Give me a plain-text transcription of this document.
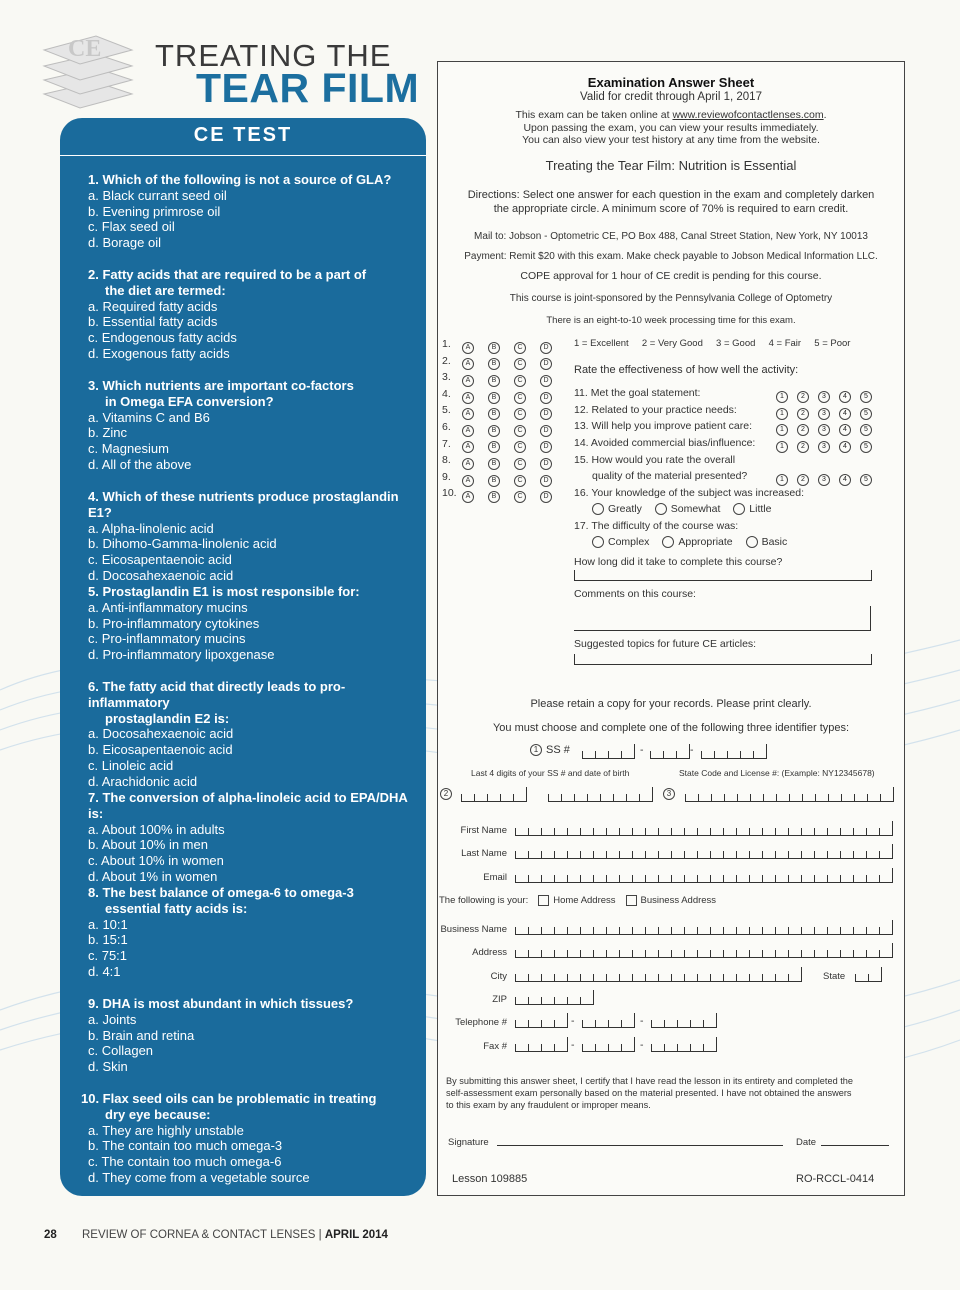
CE TREATING THE
TEAR FILM
CE TEST
1. Which of the following is not a source of GLA?
a. Black currant seed oil
b. Evening primrose oil
c. Flax seed oil
d. Borage oil
2. Fatty acids that are required to be a part of
the diet are termed:
a. Required fatty acids
b. Essential fatty acids
c. Endogenous fatty acids
d. Exogenous fatty acids
3. Which nutrients are important co-factors
in Omega EFA conversion?
a. Vitamins C and B6
b. Zinc
c. Magnesium
d. All of the above
4. Which of these nutrients produce prostaglandin E1?
a. Alpha-linolenic acid
b. Dihomo-Gamma-linolenic acid
c. Eicosapentaenoic acid
d. Docosahexaenoic acid
5. Prostaglandin E1 is most responsible for:
a. Anti-inflammatory mucins
b. Pro-inflammatory cytokines
c. Pro-inflammatory mucins
d. Pro-inflammatory lipoxgenase
6. The fatty acid that directly leads to pro-inflammatory
prostaglandin E2 is:
a. Docosahexaenoic acid
b. Eicosapentaenoic acid
c. Linoleic acid
d. Arachidonic acid
7. The conversion of alpha-linoleic acid to EPA/DHA is:
a. About 100% in adults
b. About 10% in men
c. About 10% in women
d. About 1% in women
8. The best balance of omega-6 to omega-3
essential fatty acids is:
a. 10:1
b. 15:1
c. 75:1
d. 4:1
9. DHA is most abundant in which tissues?
a. Joints
b. Brain and retina
c. Collagen
d. Skin
10. Flax seed oils can be problematic in treating
dry eye because:
a. They are highly unstable
b. The contain too much omega-3
c. The contain too much omega-6
d. They come from a vegetable source
Examination Answer Sheet
Valid for credit through April 1, 2017
This exam can be taken online at www.reviewofcontactlenses.com.
Upon passing the exam, you can view your results immediately.
You can also view your test history at any time from the website.
Treating the Tear Film: Nutrition is Essential
Directions: Select one answer for each question in the exam and completely darken
the appropriate circle. A minimum score of 70% is required to earn credit.
Mail to: Jobson - Optometric CE, PO Box 488, Canal Street Station, New York, NY 10013
Payment: Remit $20 with this exam. Make check payable to Jobson Medical Information LLC.
COPE approval for 1 hour of CE credit is pending for this course.
This course is joint-sponsored by the Pennsylvania College of Optometry
There is an eight-to-10 week processing time for this exam.
1.	A	B	C	D
2.	A	B	C	D
3.	A	B	C	D
4.	A	B	C	D
5.	A	B	C	D
6.	A	B	C	D
7.	A	B	C	D
8.	A	B	C	D
9.	A	B	C	D
10.	A	B	C	D
1 = Excellent     2 = Very Good     3 = Good     4 = Fair     5 = Poor
Rate the effectiveness of how well the activity:
11. Met the goal statement:	1 2 3 4 5
12. Related to your practice needs:	1 2 3 4 5
13. Will help you improve patient care:	1 2 3 4 5
14. Avoided commercial bias/influence:	1 2 3 4 5
15. How would you rate the overall
quality of the material presented?	1 2 3 4 5
16. Your knowledge of the subject was increased:
Greatly	Somewhat	Little
17. The difficulty of the course was:
Complex	Appropriate	Basic
How long did it take to complete this course?
Comments on this course:
Suggested topics for future CE articles:
Please retain a copy for your records. Please print clearly.
You must choose and complete one of the following three identifier types:
1 SS #	-	-
Last 4 digits of your SS # and date of birth	State Code and License #: (Example: NY12345678)
2	3
First Name
Last Name
Email
The following is your:	Home Address	Business Address
Business Name
Address
City	State
ZIP
Telephone #	-	-
Fax #	-	-
By submitting this answer sheet, I certify that I have read the lesson in its entirety and completed the
self-assessment exam personally based on the material presented. I have not obtained the answers
to this exam by any fraudulent or improper means.
Signature	Date
Lesson 109885	RO-RCCL-0414
28 REVIEW OF CORNEA & CONTACT LENSES | APRIL 2014
